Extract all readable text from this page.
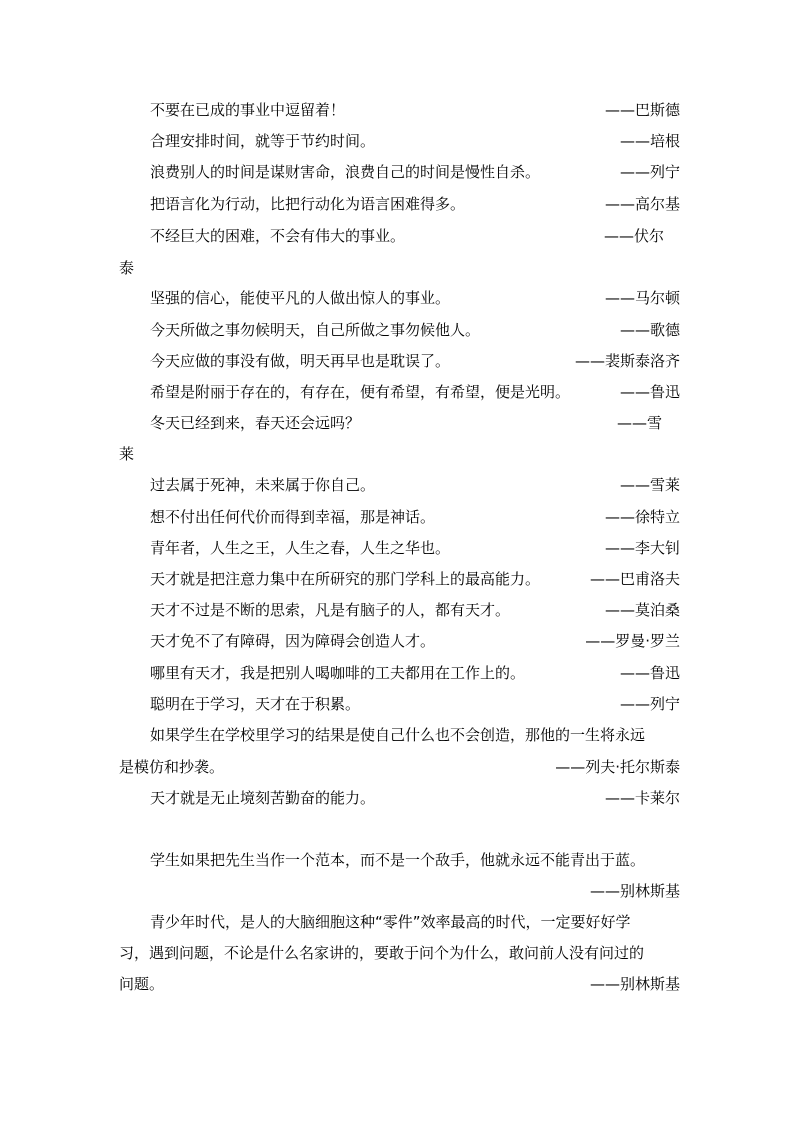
不要在已成的事业中逗留着！	——巴斯德
合理安排时间，就等于节约时间。	——培根
浪费别人的时间是谋财害命，浪费自己的时间是慢性自杀。	——列宁
把语言化为行动，比把行动化为语言困难得多。	——高尔基
不经巨大的困难，不会有伟大的事业。	——伏尔
泰
坚强的信心，能使平凡的人做出惊人的事业。	——马尔顿
今天所做之事勿候明天，自己所做之事勿候他人。	——歌德
今天应做的事没有做，明天再早也是耽误了。	——裴斯泰洛齐
希望是附丽于存在的，有存在，便有希望，有希望，便是光明。	——鲁迅
冬天已经到来，春天还会远吗？	——雪
莱
过去属于死神，未来属于你自己。	——雪莱
想不付出任何代价而得到幸福，那是神话。	——徐特立
青年者，人生之王，人生之春，人生之华也。	——李大钊
天才就是把注意力集中在所研究的那门学科上的最高能力。	——巴甫洛夫
天才不过是不断的思索，凡是有脑子的人，都有天才。	——莫泊桑
天才免不了有障碍，因为障碍会创造人才。	——罗曼·罗兰
哪里有天才，我是把别人喝咖啡的工夫都用在工作上的。	——鲁迅
聪明在于学习，天才在于积累。	——列宁
如果学生在学校里学习的结果是使自己什么也不会创造，那他的一生将永远
是模仿和抄袭。	——列夫·托尔斯泰
天才就是无止境刻苦勤奋的能力。	——卡莱尔
学生如果把先生当作一个范本，而不是一个敌手，他就永远不能青出于蓝。
——别林斯基
青少年时代，是人的大脑细胞这种“零件”效率最高的时代，一定要好好学
习，遇到问题，不论是什么名家讲的，要敢于问个为什么，敢问前人没有问过的
问题。	——别林斯基
